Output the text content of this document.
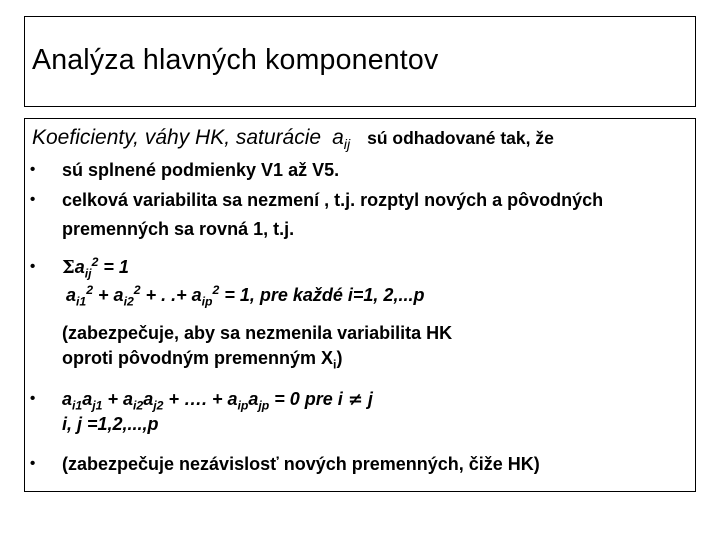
Analýza hlavných komponentov
Koeficienty, váhy HK, saturácie $a_{ij}$ sú odhadované tak, že
• sú splnené podmienky V1 až V5.
• celková variabilita sa nezmení , t.j. rozptyl nových a pôvodných
premenných sa rovná 1, t.j.
• $\Sigma a_{ij}^2 = 1$
$a_{i1}^2 + a_{i2}^2$ + . .+ $a_{ip}^2 = 1$, pre každé i=1, 2,...p
(zabezpečuje, aby sa nezmenila variabilita HK
oproti pôvodným premenným $X_i$)
• $a_{i1}a_{j1} + a_{i2}a_{j2}$ + …. + $a_{ip}a_{jp} = 0$ pre i ≠ j
i, j =1,2,...,p
• (zabezpečuje nezávislosť nových premenných, čiže HK)
